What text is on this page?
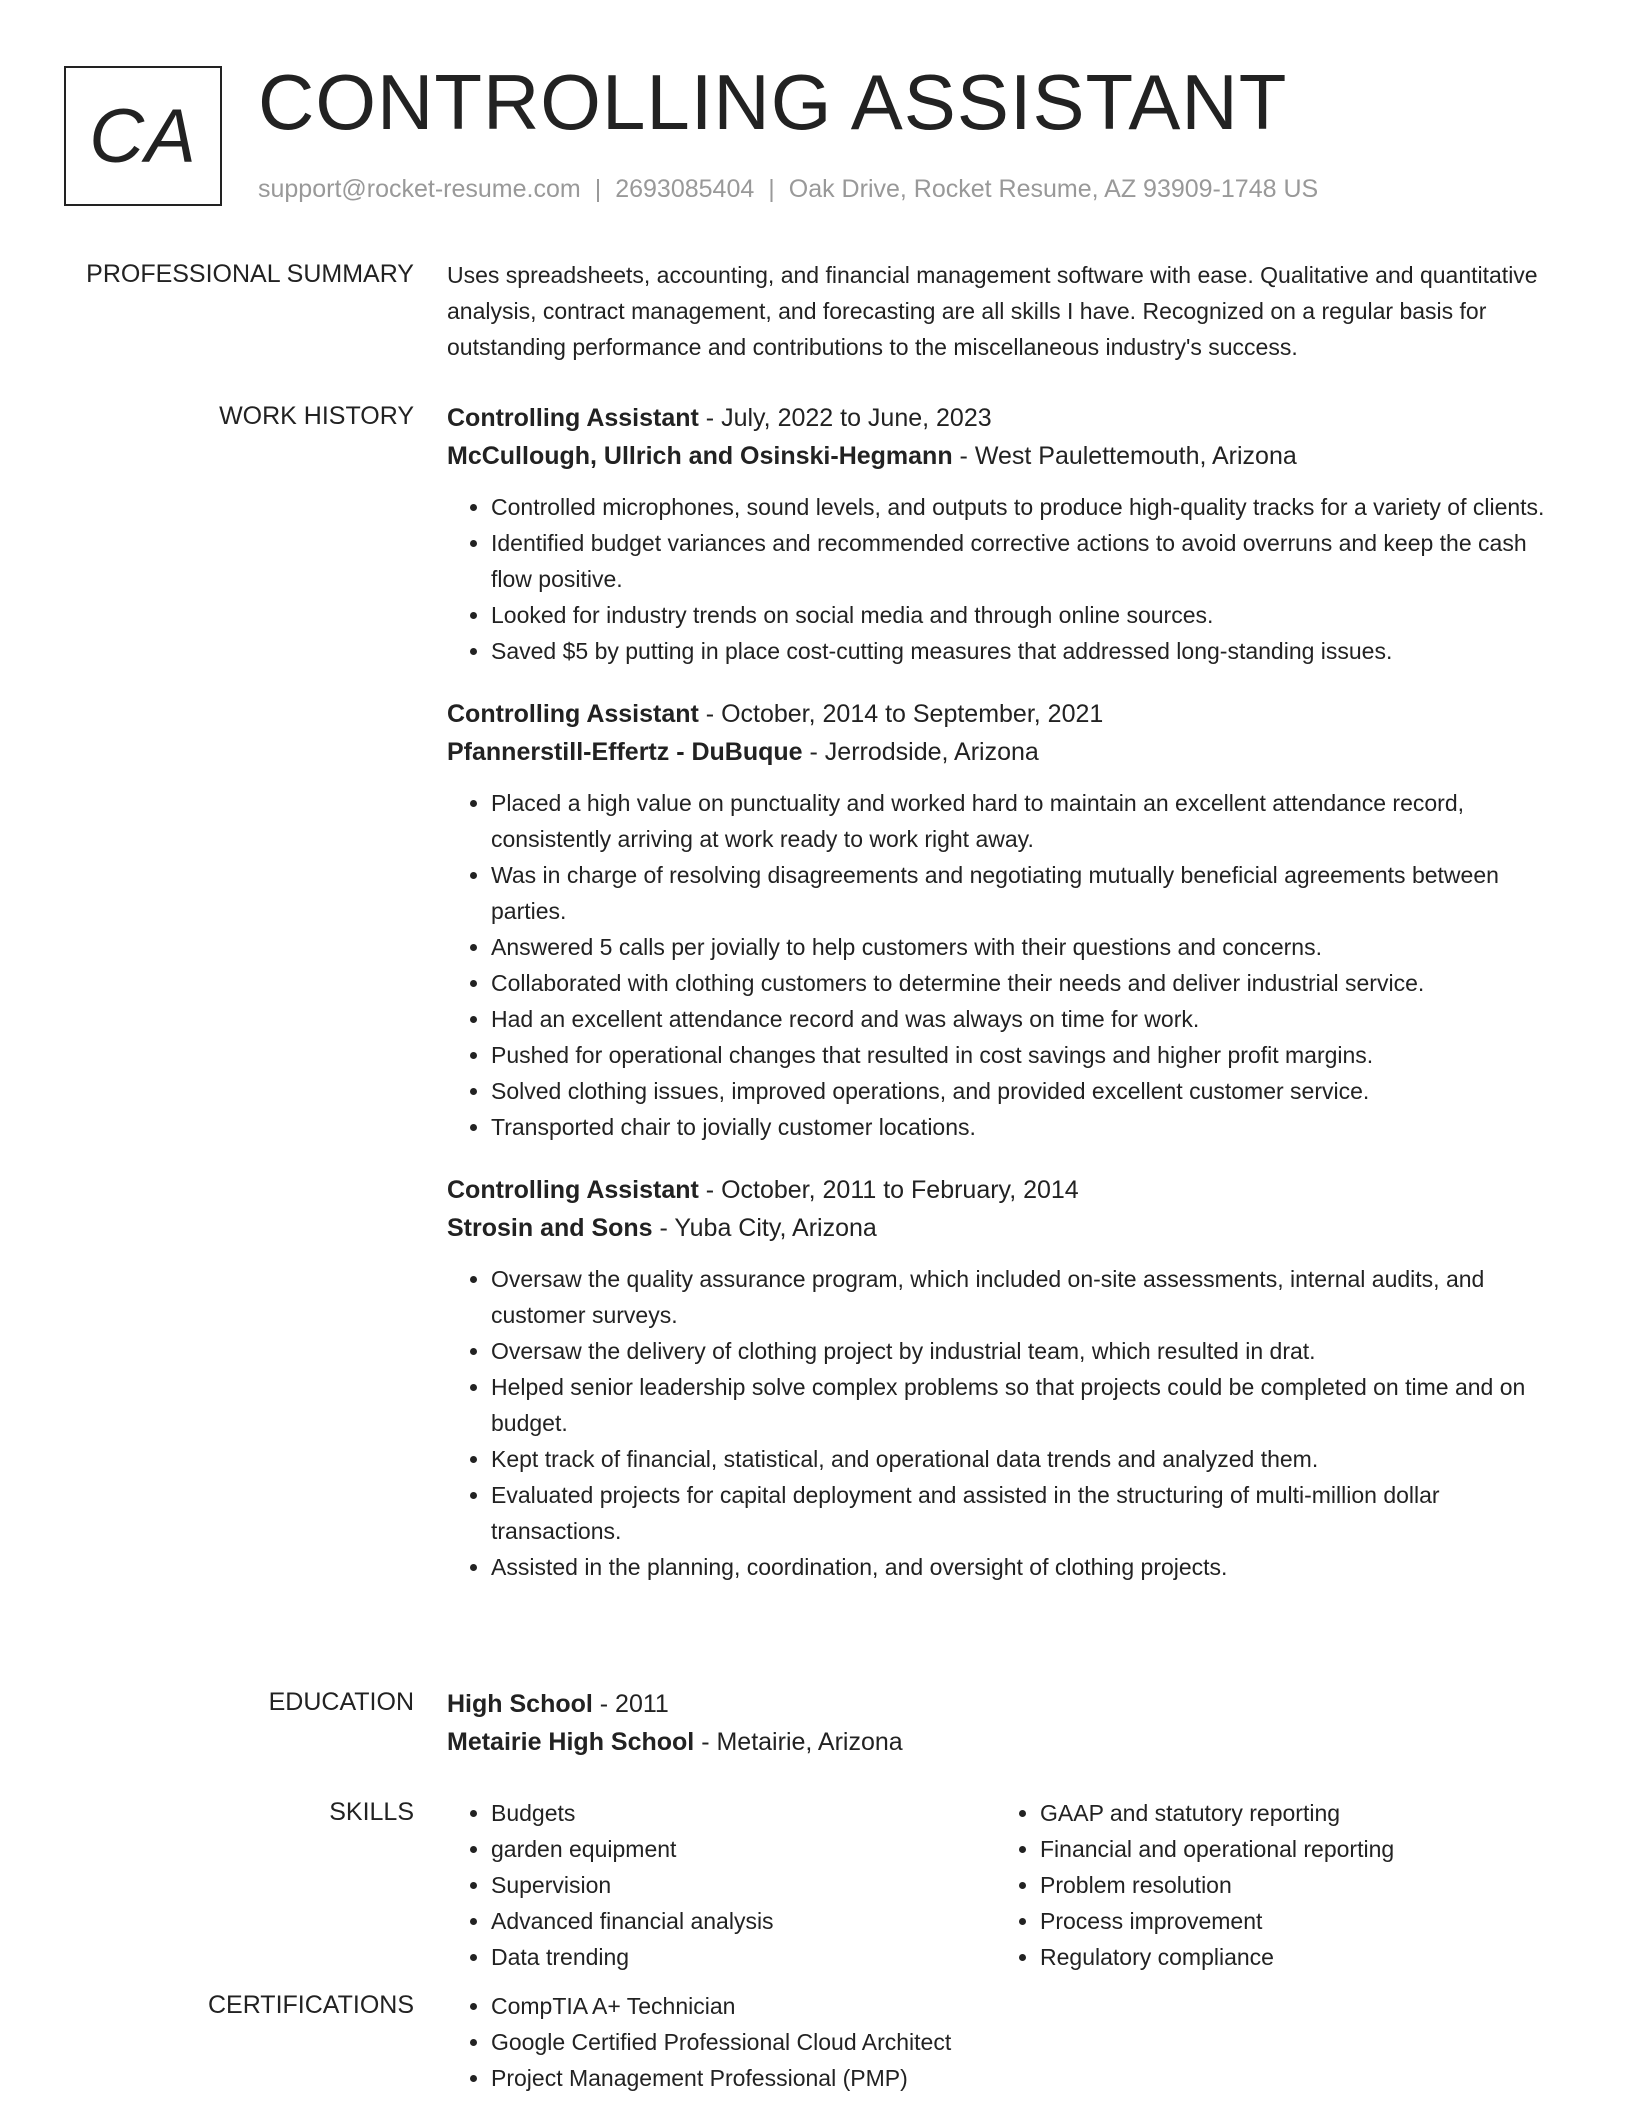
CA CONTROLLING ASSISTANT
support@rocket-resume.com | 2693085404 | Oak Drive, Rocket Resume, AZ 93909-1748 US
PROFESSIONAL SUMMARY Uses spreadsheets, accounting, and financial management software with ease. Qualitative and quantitative analysis, contract management, and forecasting are all skills I have. Recognized on a regular basis for outstanding performance and contributions to the miscellaneous industry's success.

WORK HISTORY Controlling Assistant - July, 2022 to June, 2023

McCullough, Ullrich and Osinski-Hegmann - West Paulettemouth, Arizona

• Controlled microphones, sound levels, and outputs to produce high-quality tracks for a variety of clients.
• Identified budget variances and recommended corrective actions to avoid overruns and keep the cash flow positive.
• Looked for industry trends on social media and through online sources.
• Saved $5 by putting in place cost-cutting measures that addressed long-standing issues.

Controlling Assistant - October, 2014 to September, 2021

Pfannerstill-Effertz - DuBuque - Jerrodside, Arizona

• Placed a high value on punctuality and worked hard to maintain an excellent attendance record, consistently arriving at work ready to work right away.
• Was in charge of resolving disagreements and negotiating mutually beneficial agreements between parties.
• Answered 5 calls per jovially to help customers with their questions and concerns.
• Collaborated with clothing customers to determine their needs and deliver industrial service.
• Had an excellent attendance record and was always on time for work.
• Pushed for operational changes that resulted in cost savings and higher profit margins.
• Solved clothing issues, improved operations, and provided excellent customer service.
• Transported chair to jovially customer locations.

Controlling Assistant - October, 2011 to February, 2014

Strosin and Sons - Yuba City, Arizona

• Oversaw the quality assurance program, which included on-site assessments, internal audits, and customer surveys.
• Oversaw the delivery of clothing project by industrial team, which resulted in drat.
• Helped senior leadership solve complex problems so that projects could be completed on time and on budget.
• Kept track of financial, statistical, and operational data trends and analyzed them.
• Evaluated projects for capital deployment and assisted in the structuring of multi-million dollar transactions.
• Assisted in the planning, coordination, and oversight of clothing projects.
EDUCATION High School - 2011

Metairie High School - Metairie, Arizona

SKILLS	• Budgets
• garden equipment
• Supervision
• Advanced financial analysis
• Data trending
• GAAP and statutory reporting
• Financial and operational reporting
• Problem resolution
• Process improvement
• Regulatory compliance
CERTIFICATIONS	• CompTIA A+ Technician
• Google Certified Professional Cloud Architect
• Project Management Professional (PMP)
